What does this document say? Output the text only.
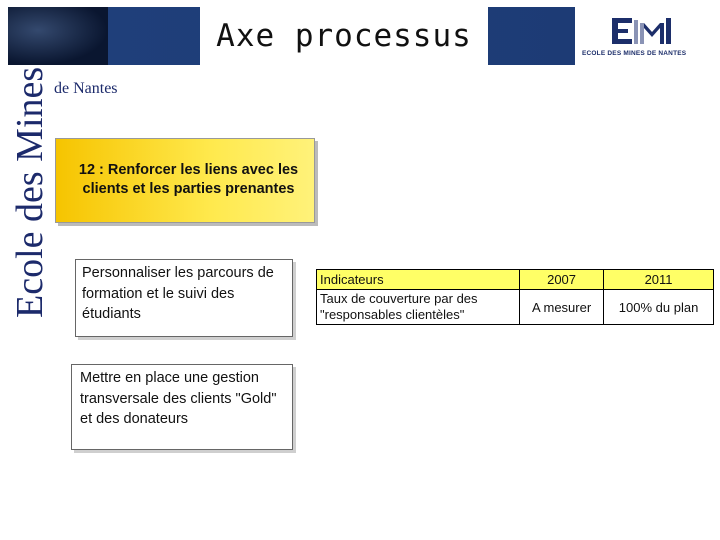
Axe processus	ECOLE DES MINES DE NANTES
Ecole des Mines de Nantes
12 : Renforcer les liens avec les clients et les parties prenantes
Personnaliser les parcours de formation et le suivi des étudiants
Mettre en place une gestion transversale des clients "Gold" et des donateurs
Indicateurs	2007	2011
Taux de couverture par des "responsables clientèles"	A mesurer	100% du plan
